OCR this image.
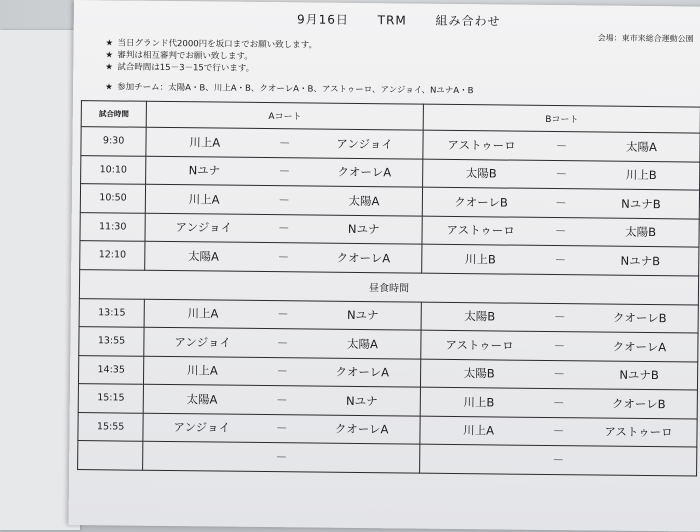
9月16日 TRM 組み合わせ
会場：東市来総合運動公園
★ 当日グランド代2000円を坂口までお願い致します。
★ 審判は相互審判でお願い致します。
★ 試合時間は15－3－15で行います。
★ 参加チーム：太陽A・B、川上A・B、クオーレA・B、アストゥーロ、アンジョイ、NユナA・B
試合時間	Aコート	Bコート
9:30	川上A － アンジョイ	アストゥーロ － 太陽A

10:10	Nユナ － クオーレA	太陽B － 川上B

10:50	川上A － 太陽A	クオーレB － NユナB

11:30	アンジョイ － Nユナ	アストゥーロ － 太陽B

12:10	太陽A － クオーレA	川上B － NユナB

昼食時間		
13:15	川上A － Nユナ	太陽B － クオーレB

13:55	アンジョイ － 太陽A	アストゥーロ － クオーレA

14:35	川上A － クオーレA	太陽B － NユナB

15:15	太陽A － Nユナ	川上B － クオーレB

15:55	アンジョイ － クオーレA	川上A － アストゥーロ

	－	－
